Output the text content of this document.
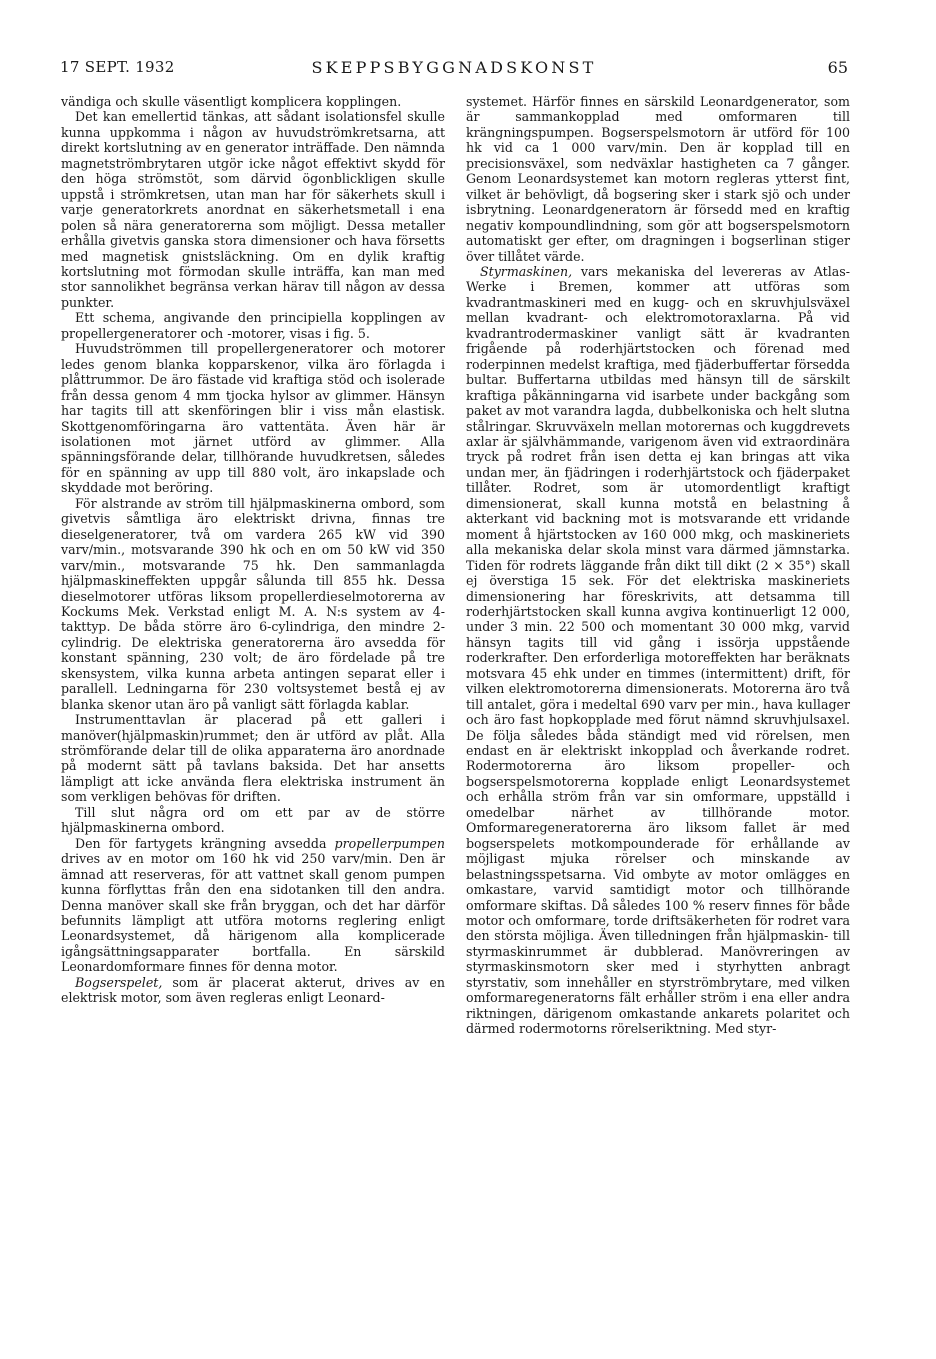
17 SEPT. 1932	SKEPPSBYGGNADSKONST	65

vändiga och skulle väsentligt komplicera kopplingen.

Det kan emellertid tänkas, att sådant isolationsfel skulle kunna uppkomma i någon av huvudströmkretsarna, att direkt kortslutning av en generator inträffade. Den nämnda magnetströmbrytaren utgör icke något effektivt skydd för den höga strömstöt, som därvid ögonblickligen skulle uppstå i strömkretsen, utan man har för säkerhets skull i varje generatorkrets anordnat en säkerhetsmetall i ena polen så nära generatorerna som möjligt. Dessa metaller erhålla givetvis ganska stora dimensioner och hava försetts med magnetisk gnistsläckning. Om en dylik kraftig kortslutning mot förmodan skulle inträffa, kan man med stor sannolikhet begränsa verkan härav till någon av dessa punkter.

Ett schema, angivande den principiella kopplingen av propellergeneratorer och -motorer, visas i fig. 5.

Huvudströmmen till propellergeneratorer och motorer ledes genom blanka kopparskenor, vilka äro förlagda i plåttrummor. De äro fästade vid kraftiga stöd och isolerade från dessa genom 4 mm tjocka hylsor av glimmer. Hänsyn har tagits till att skenföringen blir i viss mån elastisk. Skottgenomföringarna äro vattentäta. Även här är isolationen mot järnet utförd av glimmer. Alla spänningsförande delar, tillhörande huvudkretsen, således för en spänning av upp till 880 volt, äro inkapslade och skyddade mot beröring.

För alstrande av ström till hjälpmaskinerna ombord, som givetvis såmtliga äro elektriskt drivna, finnas tre dieselgeneratorer, två om vardera 265 kW vid 390 varv/min., motsvarande 390 hk och en om 50 kW vid 350 varv/min., motsvarande 75 hk. Den sammanlagda hjälpmaskineffekten uppgår sålunda till 855 hk. Dessa dieselmotorer utföras liksom propellerdieselmotorerna av Kockums Mek. Verkstad enligt M. A. N:s system av 4-takttyp. De båda större äro 6-cylindriga, den mindre 2-cylindrig. De elektriska generatorerna äro avsedda för konstant spänning, 230 volt; de äro fördelade på tre skensystem, vilka kunna arbeta antingen separat eller i parallell. Ledningarna för 230 voltsystemet bestå ej av blanka skenor utan äro på vanligt sätt förlagda kablar.

Instrumenttavlan är placerad på ett galleri i manöver(hjälpmaskin)rummet; den är utförd av plåt. Alla strömförande delar till de olika apparaterna äro anordnade på modernt sätt på tavlans baksida. Det har ansetts lämpligt att icke använda flera elektriska instrument än som verkligen behövas för driften.

Till slut några ord om ett par av de större hjälpmaskinerna ombord.

Den för fartygets krängning avsedda propellerpumpen drives av en motor om 160 hk vid 250 varv/min. Den är ämnad att reserveras, för att vattnet skall genom pumpen kunna förflyttas från den ena sidotanken till den andra. Denna manöver skall ske från bryggan, och det har därför befunnits lämpligt att utföra motorns reglering enligt Leonardsystemet, då härigenom alla komplicerade igångsättningsapparater bortfalla. En särskild Leonardomformare finnes för denna motor.

Bogserspelet, som är placerat akterut, drives av en elektrisk motor, som även regleras enligt Leonard-

systemet. Härför finnes en särskild Leonardgenerator, som är sammankopplad med omformaren till krängningspumpen. Bogserspelsmotorn är utförd för 100 hk vid ca 1 000 varv/min. Den är kopplad till en precisionsväxel, som nedväxlar hastigheten ca 7 gånger. Genom Leonardsystemet kan motorn regleras ytterst fint, vilket är behövligt, då bogsering sker i stark sjö och under isbrytning. Leonardgeneratorn är försedd med en kraftig negativ kompoundlindning, som gör att bogserspelsmotorn automatiskt ger efter, om dragningen i bogserlinan stiger över tillåtet värde.

Styrmaskinen, vars mekaniska del levereras av Atlas-Werke i Bremen, kommer att utföras som kvadrantmaskineri med en kugg- och en skruvhjulsväxel mellan kvadrant- och elektromotoraxlarna. På vid kvadrantrodermaskiner vanligt sätt är kvadranten frigående på roderhjärtstocken och förenad med roderpinnen medelst kraftiga, med fjäderbuffertar försedda bultar. Buffertarna utbildas med hänsyn till de särskilt kraftiga påkänningarna vid isarbete under backgång som paket av mot varandra lagda, dubbelkoniska och helt slutna stålringar. Skruvväxeln mellan motorernas och kuggdrevets axlar är självhämmande, varigenom även vid extraordinära tryck på rodret från isen detta ej kan bringas att vika undan mer, än fjädringen i roderhjärtstock och fjäderpaket tillåter. Rodret, som är utomordentligt kraftigt dimensionerat, skall kunna motstå en belastning å akterkant vid backning mot is motsvarande ett vridande moment å hjärtstocken av 160 000 mkg, och maskineriets alla mekaniska delar skola minst vara därmed jämnstarka. Tiden för rodrets läggande från dikt till dikt (2 × 35°) skall ej överstiga 15 sek. För det elektriska maskineriets dimensionering har föreskrivits, att detsamma till roderhjärtstocken skall kunna avgiva kontinuerligt 12 000, under 3 min. 22 500 och momentant 30 000 mkg, varvid hänsyn tagits till vid gång i issörja uppstående roderkrafter. Den erforderliga motoreffekten har beräknats motsvara 45 ehk under en timmes (intermittent) drift, för vilken elektromotorerna dimensionerats. Motorerna äro två till antalet, göra i medeltal 690 varv per min., hava kullager och äro fast hopkopplade med förut nämnd skruvhjulsaxel. De följa således båda ständigt med vid rörelsen, men endast en är elektriskt inkopplad och åverkande rodret. Rodermotorerna äro liksom propeller- och bogserspelsmotorerna kopplade enligt Leonardsystemet och erhålla ström från var sin omformare, uppställd i omedelbar närhet av tillhörande motor. Omformaregeneratorerna äro liksom fallet är med bogserspelets motkompounderade för erhållande av möjligast mjuka rörelser och minskande av belastningsspetsarna. Vid ombyte av motor omlägges en omkastare, varvid samtidigt motor och tillhörande omformare skiftas. Då således 100 % reserv finnes för både motor och omformare, torde driftsäkerheten för rodret vara den största möjliga. Även tilledningen från hjälpmaskin- till styrmaskinrummet är dubblerad. Manövreringen av styrmaskinsmotorn sker med i styrhytten anbragt styrstativ, som innehåller en styrströmbrytare, med vilken omformaregeneratorns fält erhåller ström i ena eller andra riktningen, därigenom omkastande ankarets polaritet och därmed rodermotorns rörelseriktning. Med styr-
